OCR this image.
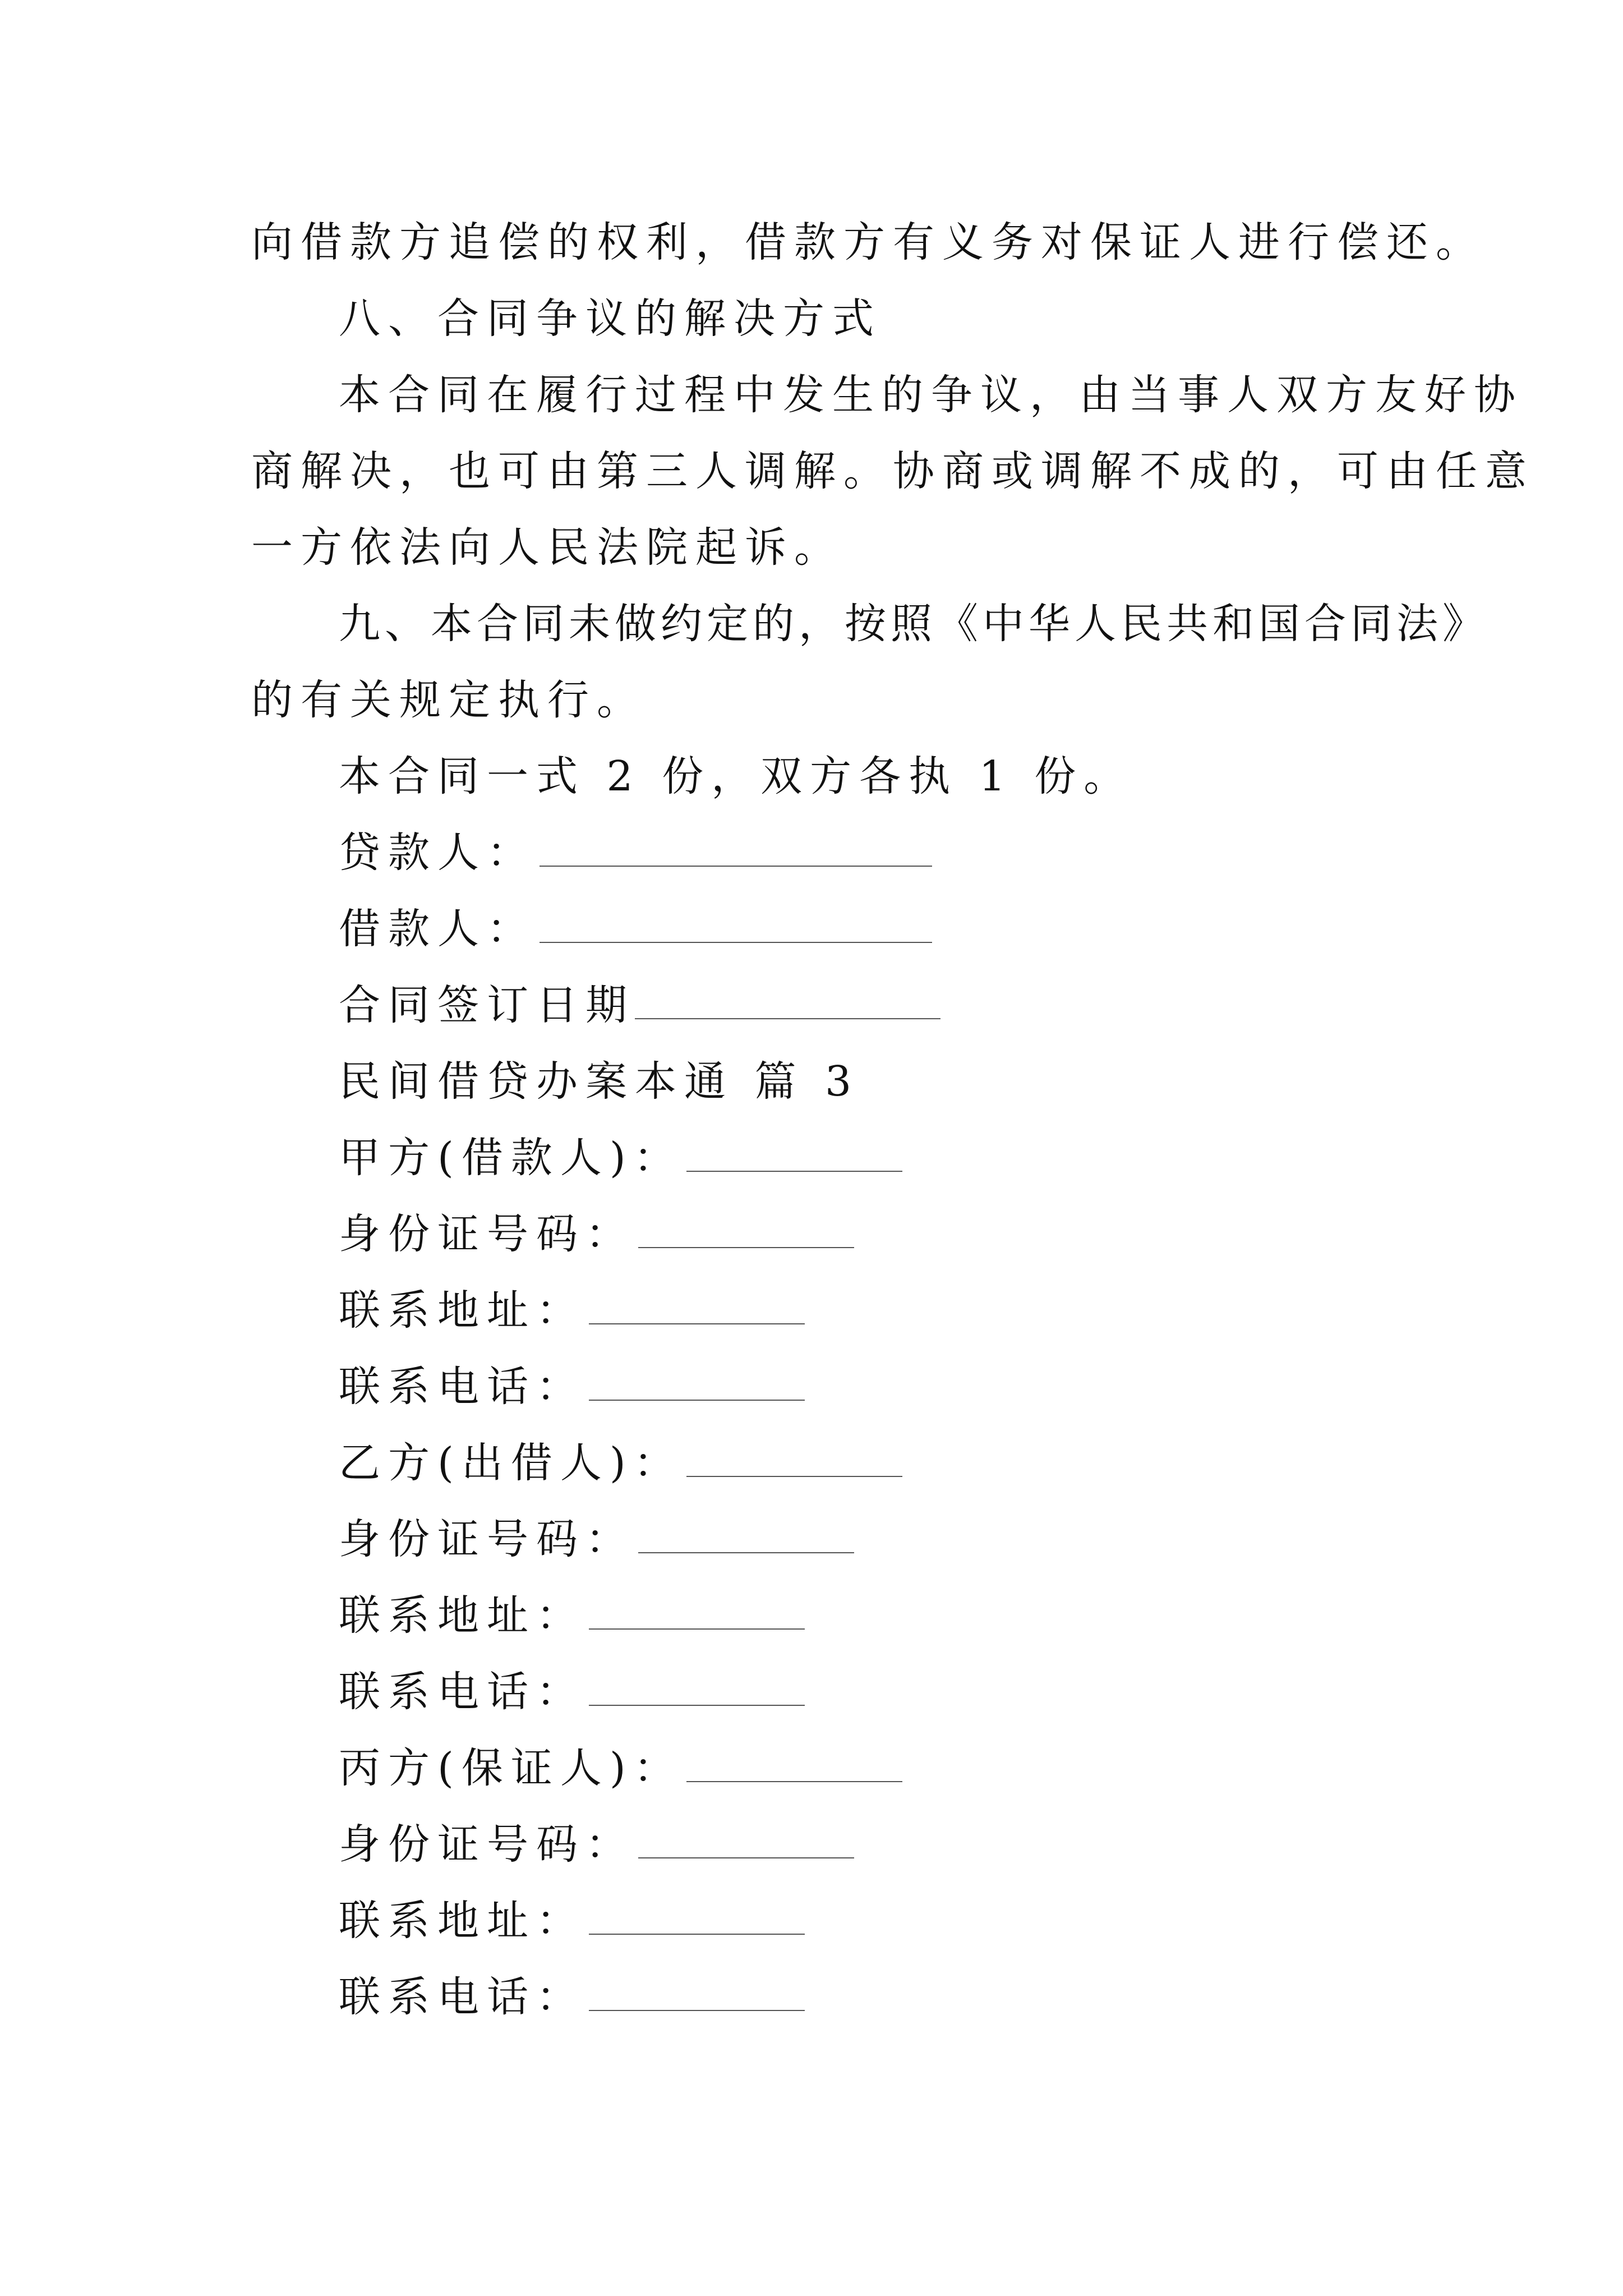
向借款方追偿的权利，借款方有义务对保证人进行偿还。
八、合同争议的解决方式
本合同在履行过程中发生的争议，由当事人双方友好协
商解决，也可由第三人调解。协商或调解不成的，可由任意
一方依法向人民法院起诉。
九、本合同未做约定的，按照《中华人民共和国合同法》
的有关规定执行。
本合同一式 2 份，双方各执 1 份。
贷款人：
借款人：
合同签订日期
民间借贷办案本通 篇 3
甲方(借款人)：
身份证号码：
联系地址：
联系电话：
乙方(出借人)：
身份证号码：
联系地址：
联系电话：
丙方(保证人)：
身份证号码：
联系地址：
联系电话：
